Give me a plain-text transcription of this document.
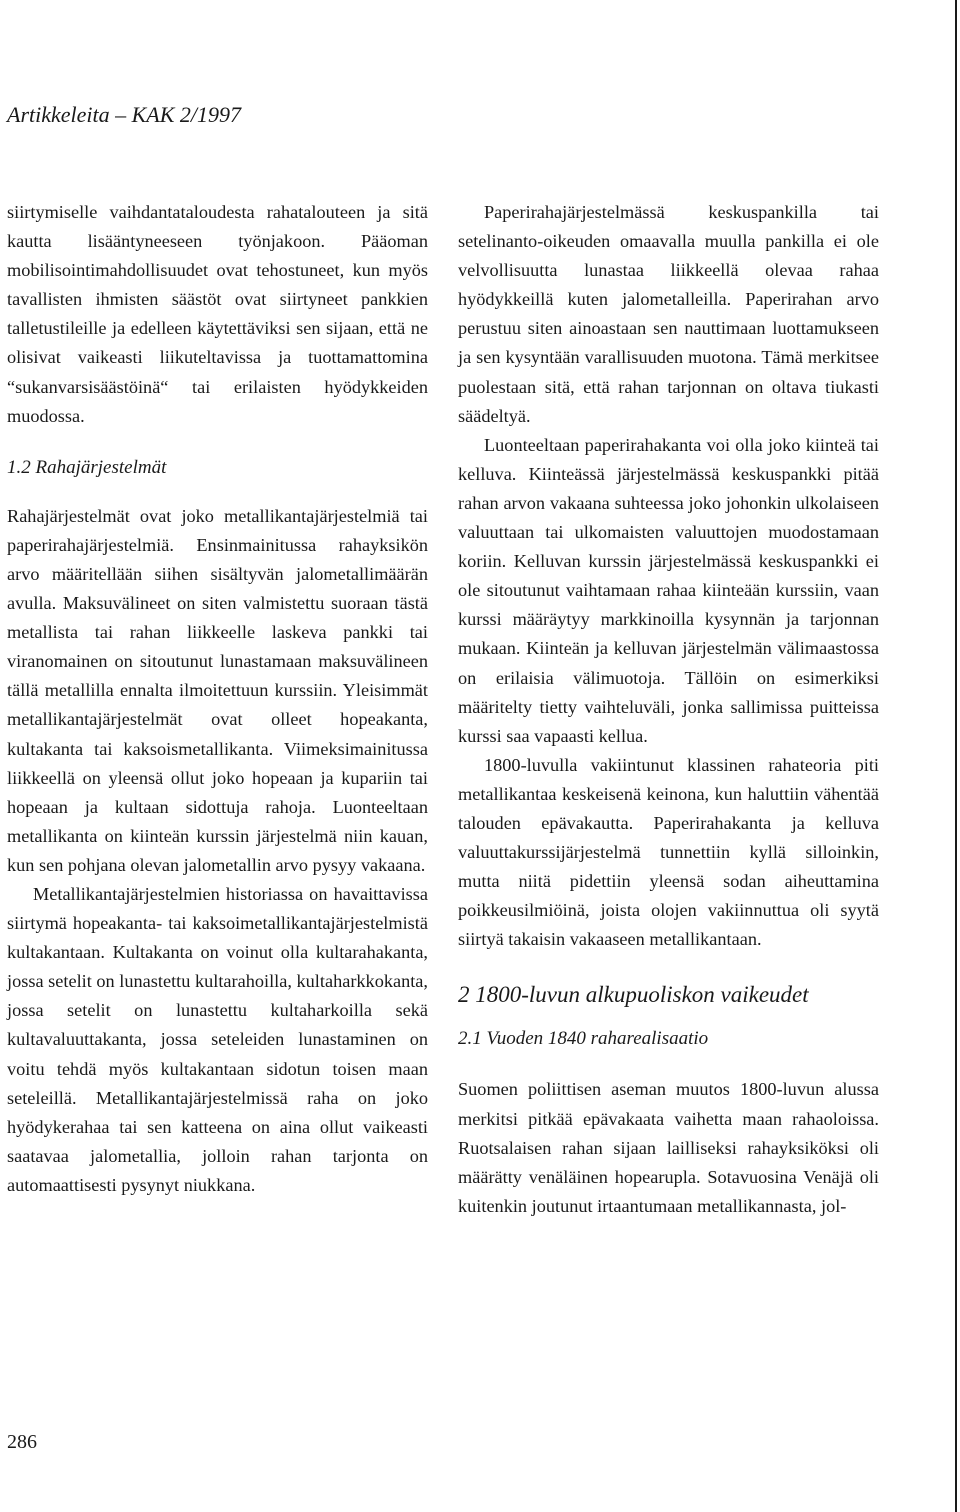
Artikkeleita – KAK 2/1997

siirtymiselle vaihdantataloudesta rahatalouteen ja sitä kautta lisääntyneeseen työnjakoon. Pääoman mobilisointimahdollisuudet ovat tehostuneet, kun myös tavallisten ihmisten säästöt ovat siirtyneet pankkien talletustileille ja edelleen käytettäviksi sen sijaan, että ne olisivat vaikeasti liikuteltavissa ja tuottamattomina “sukanvarsisäästöinä“ tai erilaisten hyödykkeiden muodossa.

1.2 Rahajärjestelmät

Rahajärjestelmät ovat joko metallikantajärjestelmiä tai paperirahajärjestelmiä. Ensinmainitussa rahayksikön arvo määritellään siihen sisältyvän jalometallimäärän avulla. Maksuvälineet on siten valmistettu suoraan tästä metallista tai rahan liikkeelle laskeva pankki tai viranomainen on sitoutunut lunastamaan maksuvälineen tällä metallilla ennalta ilmoitettuun kurssiin. Yleisimmät metallikantajärjestelmät ovat olleet hopeakanta, kultakanta tai kaksoismetallikanta. Viimeksimainitussa liikkeellä on yleensä ollut joko hopeaan ja kupariin tai hopeaan ja kultaan sidottuja rahoja. Luonteeltaan metallikanta on kiinteän kurssin järjestelmä niin kauan, kun sen pohjana olevan jalometallin arvo pysyy vakaana.

Metallikantajärjestelmien historiassa on havaittavissa siirtymä hopeakanta- tai kaksoimetallikantajärjestelmistä kultakantaan. Kultakanta on voinut olla kultarahakanta, jossa setelit on lunastettu kultarahoilla, kultaharkkokanta, jossa setelit on lunastettu kultaharkoilla sekä kultavaluuttakanta, jossa seteleiden lunastaminen on voitu tehdä myös kultakantaan sidotun toisen maan seteleillä. Metallikantajärjestelmissä raha on joko hyödykerahaa tai sen katteena on aina ollut vaikeasti saatavaa jalometallia, jolloin rahan tarjonta on automaattisesti pysynyt niukkana.

Paperirahajärjestelmässä keskuspankilla tai setelinanto-oikeuden omaavalla muulla pankilla ei ole velvollisuutta lunastaa liikkeellä olevaa rahaa hyödykkeillä kuten jalometalleilla. Paperirahan arvo perustuu siten ainoastaan sen nauttimaan luottamukseen ja sen kysyntään varallisuuden muotona. Tämä merkitsee puolestaan sitä, että rahan tarjonnan on oltava tiukasti säädeltyä.

Luonteeltaan paperirahakanta voi olla joko kiinteä tai kelluva. Kiinteässä järjestelmässä keskuspankki pitää rahan arvon vakaana suhteessa joko johonkin ulkolaiseen valuuttaan tai ulkomaisten valuuttojen muodostamaan koriin. Kelluvan kurssin järjestelmässä keskuspankki ei ole sitoutunut vaihtamaan rahaa kiinteään kurssiin, vaan kurssi määräytyy markkinoilla kysynnän ja tarjonnan mukaan. Kiinteän ja kelluvan järjestelmän välimaastossa on erilaisia välimuotoja. Tällöin on esimerkiksi määritelty tietty vaihteluväli, jonka sallimissa puitteissa kurssi saa vapaasti kellua.

1800-luvulla vakiintunut klassinen rahateoria piti metallikantaa keskeisenä keinona, kun haluttiin vähentää talouden epävakautta. Paperirahakanta ja kelluva valuuttakurssijärjestelmä tunnettiin kyllä silloinkin, mutta niitä pidettiin yleensä sodan aiheuttamina poikkeusilmiöinä, joista olojen vakiinnuttua oli syytä siirtyä takaisin vakaaseen metallikantaan.

2 1800-luvun alkupuoliskon vaikeudet
2.1 Vuoden 1840 raharealisaatio

Suomen poliittisen aseman muutos 1800-luvun alussa merkitsi pitkää epävakaata vaihetta maan rahaoloissa. Ruotsalaisen rahan sijaan lailliseksi rahayksiköksi oli määrätty venäläinen hopearupla. Sotavuosina Venäjä oli kuitenkin joutunut irtaantumaan metallikannasta, jol-

286
